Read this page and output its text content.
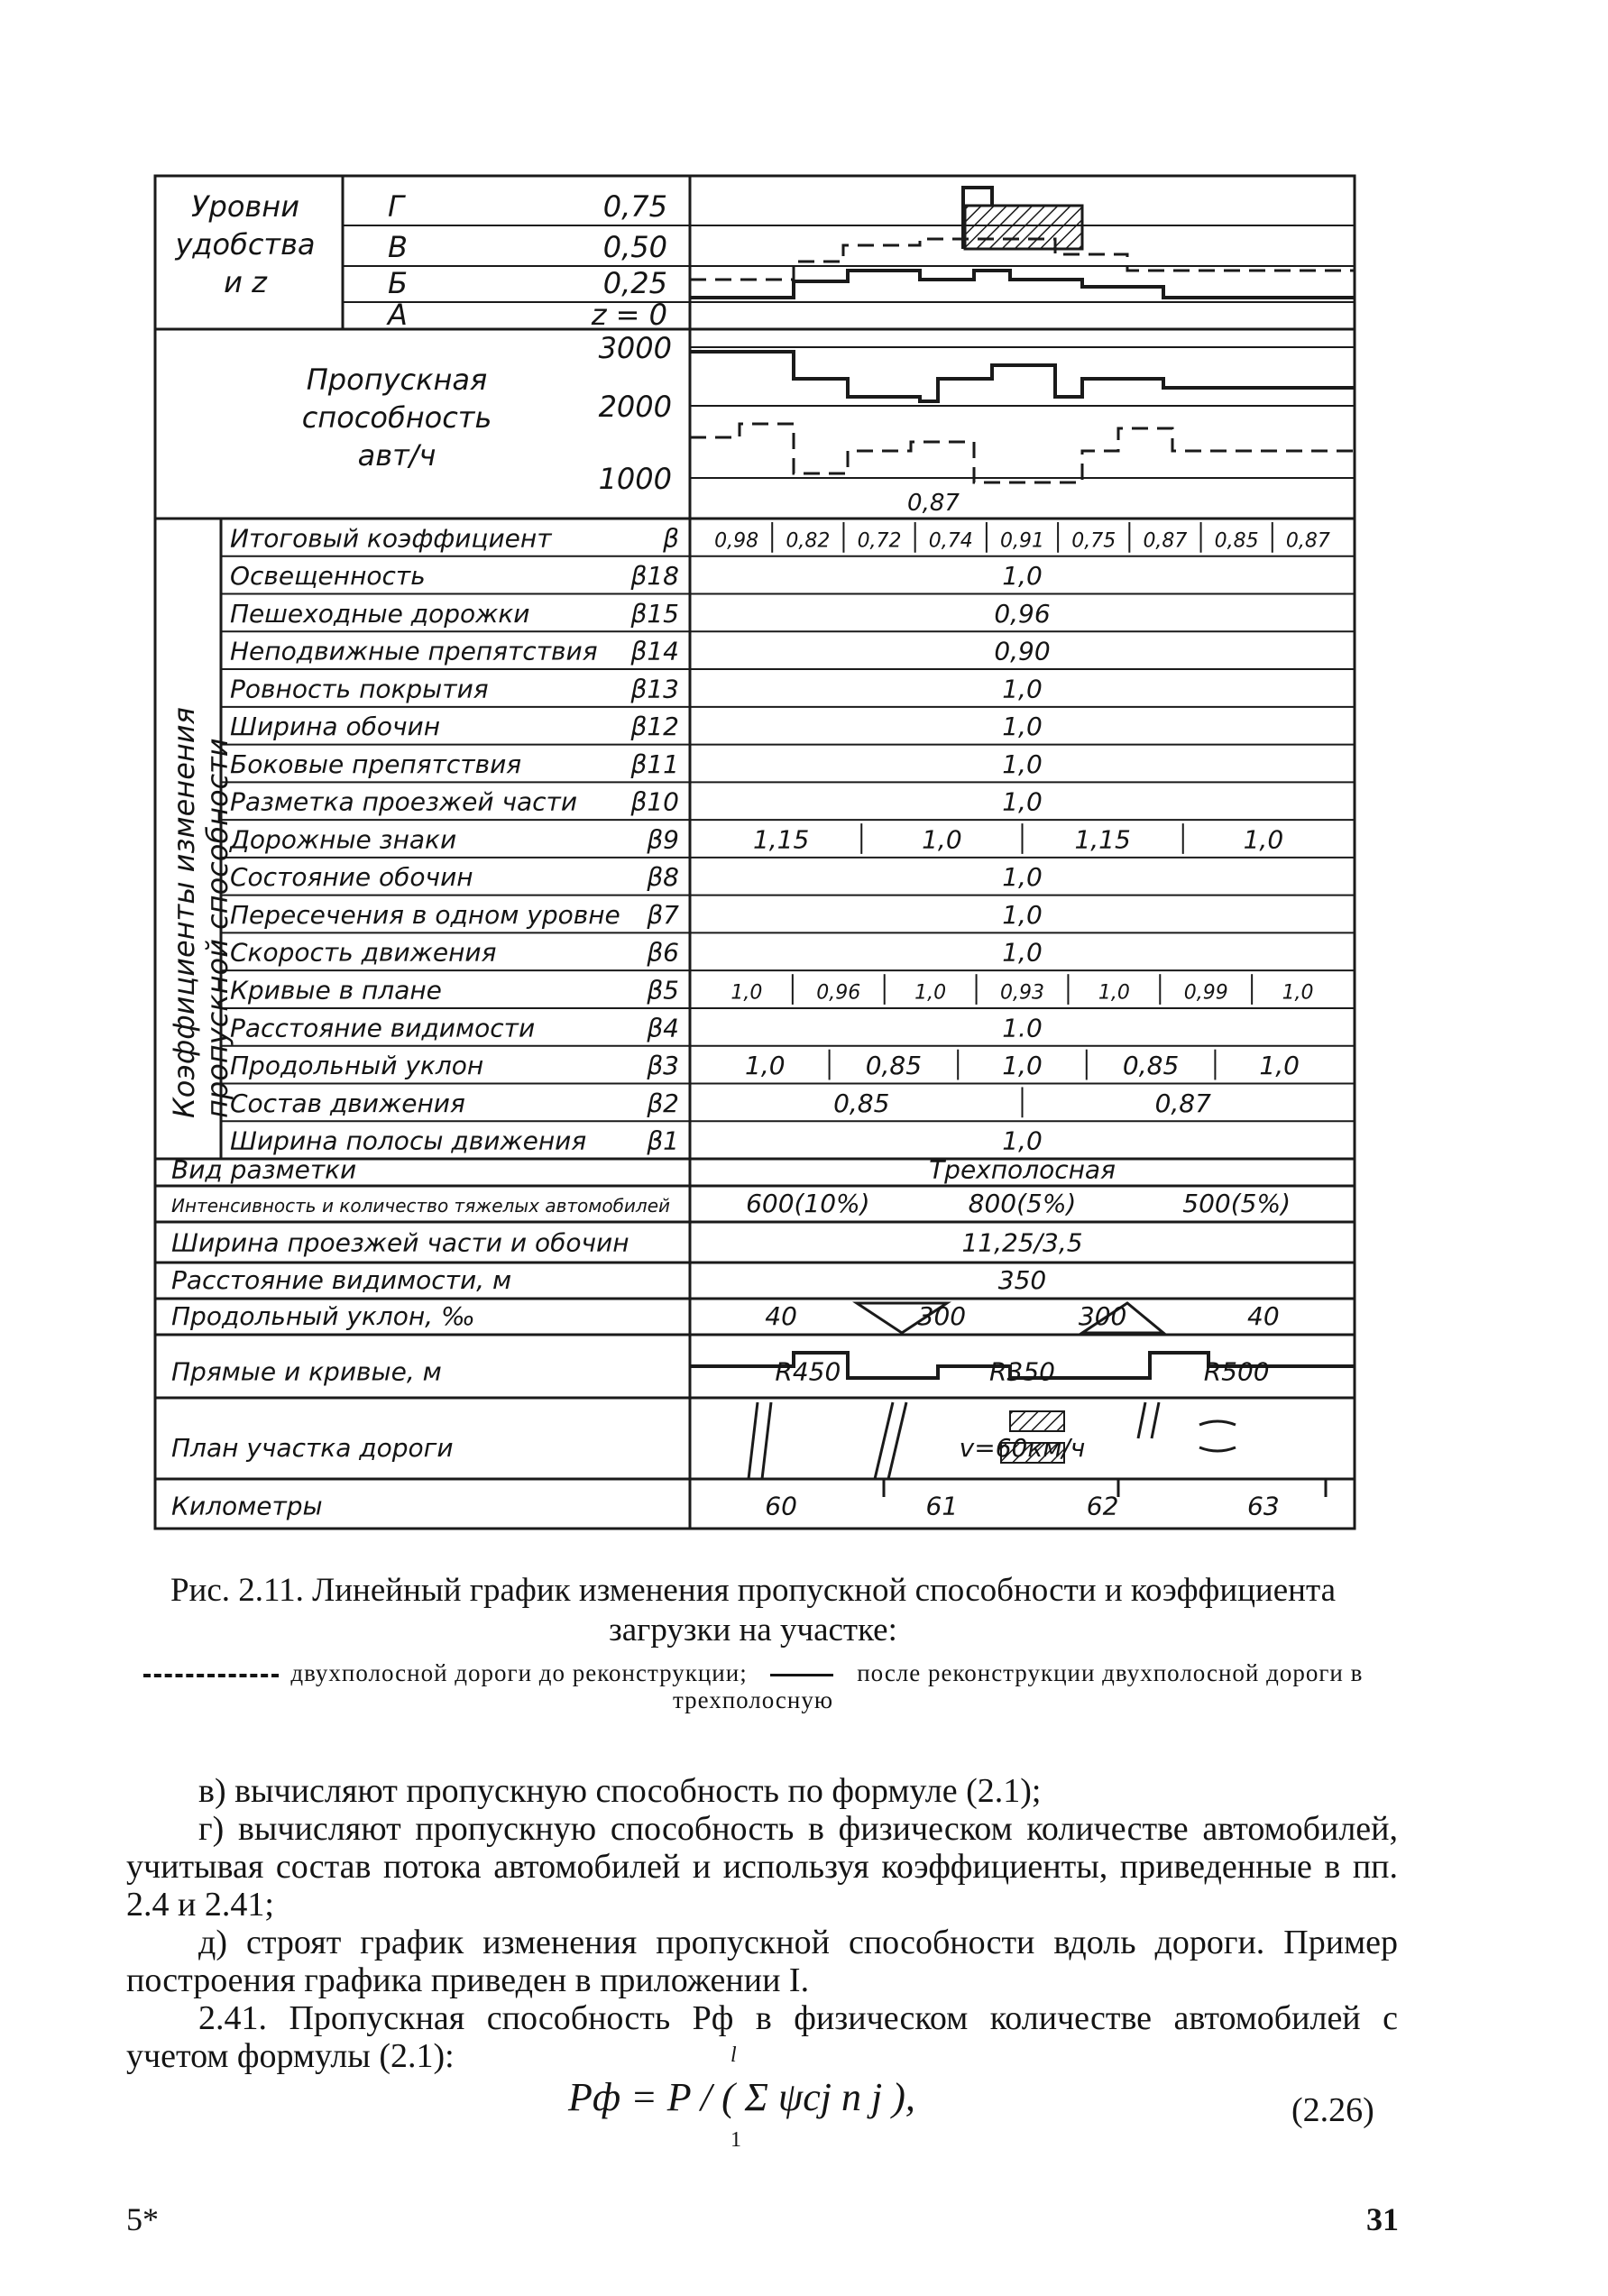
Уровни
удобства
и z
Г	0,75
В	0,50
Б	0,25
А	z = 0
Пропускная
способность
авт/ч
3000
2000
1000
0,87
Коэффициенты изменения пропускной способности
Итоговый коэффициент	β 0,98 0,82 0,72 0,74 0,91 0,75 0,87 0,85 0,87
Освещенность	β18	1,0
Пешеходные дорожки	β15	0,96
Неподвижные препятствия β14	0,90
Ровность покрытия	β13	1,0
Ширина обочин	β12	1,0
Боковые препятствия	β11	1,0
Разметка проезжей части β10	1,0
Дорожные знаки	β9	1,15	1,0	1,15	1,0
Состояние обочин	β8	1,0
Пересечения в одном уровне β7	1,0
Скорость движения	β6	1,0
Кривые в плане	β5	1,0	0,96	1,0	0,93	1,0	0,99	1,0
Расстояние видимости	β4	1.0
Продольный уклон	β3	1,0	0,85	1,0	0,85	1,0
Состав движения	β2	0,85	0,87
Ширина полосы движения β1	1,0
Вид разметки	Трехполосная
Интенсивность и количество тяжелых автомобилей	600(10%)	800(5%)	500(5%)
Ширина проезжей части и обочин	11,25/3,5
Расстояние видимости, м	350
Продольный уклон, ‰	40	300	300	40
Прямые и кривые, м	R450	R350	R500
План участка дороги	v=60км/ч
Километры	60	61	62	63
Рис. 2.11. Линейный график изменения пропускной способности и коэффициента загрузки на участке:
двухполосной дороги до реконструкции;	после реконструкции двухполосной дороги в трехполосную

в) вычисляют пропускную способность по формуле (2.1);

г) вычисляют пропускную способность в физическом количестве автомобилей, учитывая состав потока автомобилей и используя коэффициенты, приведенные в пп. 2.4 и 2.41;

д) строят график изменения пропускной способности вдоль дороги. Пример построения графика приведен в приложении I.

2.41. Пропускная способность Pф в физическом количестве автомобилей с учетом формулы (2.1):

Pф = P / ( Σ ψcj n j ),
l
1
(2.26)
5*	31
